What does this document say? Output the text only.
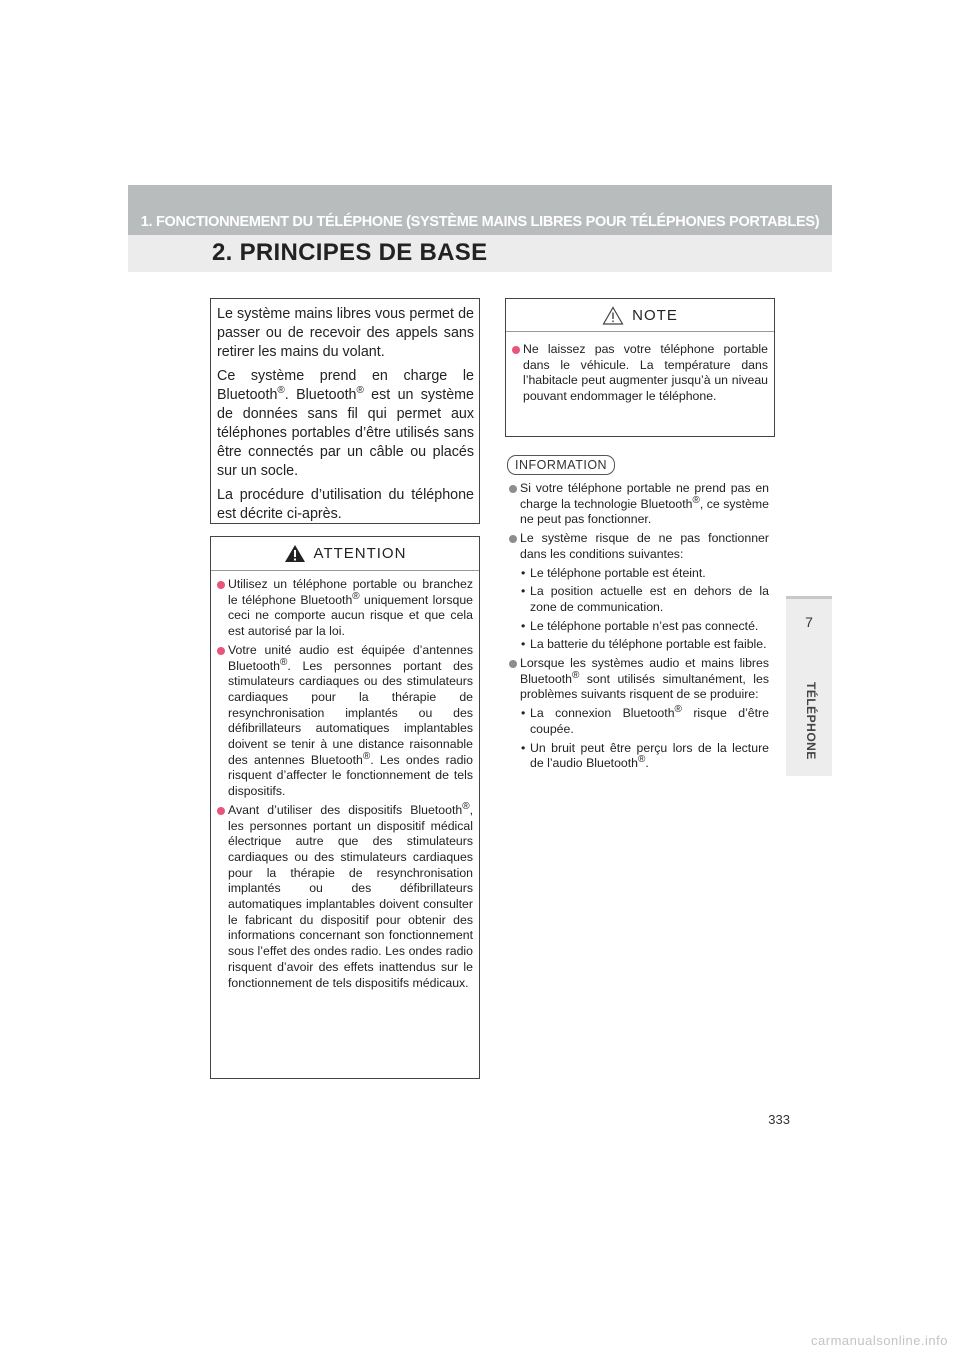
1. FONCTIONNEMENT DU TÉLÉPHONE (SYSTÈME MAINS LIBRES POUR TÉLÉPHONES PORTABLES)
2. PRINCIPES DE BASE
7
TÉLÉPHONE

Le système mains libres vous permet de passer ou de recevoir des appels sans retirer les mains du volant.

Ce système prend en charge le Bluetooth®. Bluetooth® est un système de données sans fil qui permet aux téléphones portables d’être utilisés sans être connectés par un câble ou placés sur un socle.

La procédure d’utilisation du téléphone est décrite ci-après.

ATTENTION
Utilisez un téléphone portable ou branchez le téléphone Bluetooth® uniquement lorsque ceci ne comporte aucun risque et que cela est autorisé par la loi.
Votre unité audio est équipée d’antennes Bluetooth®. Les personnes portant des stimulateurs cardiaques ou des stimulateurs cardiaques pour la thérapie de resynchronisation implantés ou des défibrillateurs automatiques implantables doivent se tenir à une distance raisonnable des antennes Bluetooth®. Les ondes radio risquent d’affecter le fonctionnement de tels dispositifs.
Avant d’utiliser des dispositifs Bluetooth®, les personnes portant un dispositif médical électrique autre que des stimulateurs cardiaques ou des stimulateurs cardiaques pour la thérapie de resynchronisation implantés ou des défibrillateurs automatiques implantables doivent consulter le fabricant du dispositif pour obtenir des informations concernant son fonctionnement sous l’effet des ondes radio. Les ondes radio risquent d’avoir des effets inattendus sur le fonctionnement de tels dispositifs médicaux.
NOTE
Ne laissez pas votre téléphone portable dans le véhicule. La température dans l’habitacle peut augmenter jusqu’à un niveau pouvant endommager le téléphone.
INFORMATION
Si votre téléphone portable ne prend pas en charge la technologie Bluetooth®, ce système ne peut pas fonctionner.
Le système risque de ne pas fonctionner dans les conditions suivantes:
• Le téléphone portable est éteint.
• La position actuelle est en dehors de la zone de communication.
• Le téléphone portable n’est pas connecté.
• La batterie du téléphone portable est faible.
Lorsque les systèmes audio et mains libres Bluetooth® sont utilisés simultanément, les problèmes suivants risquent de se produire:
• La connexion Bluetooth® risque d’être coupée.
• Un bruit peut être perçu lors de la lecture de l’audio Bluetooth®.
333
carmanualsonline.info
